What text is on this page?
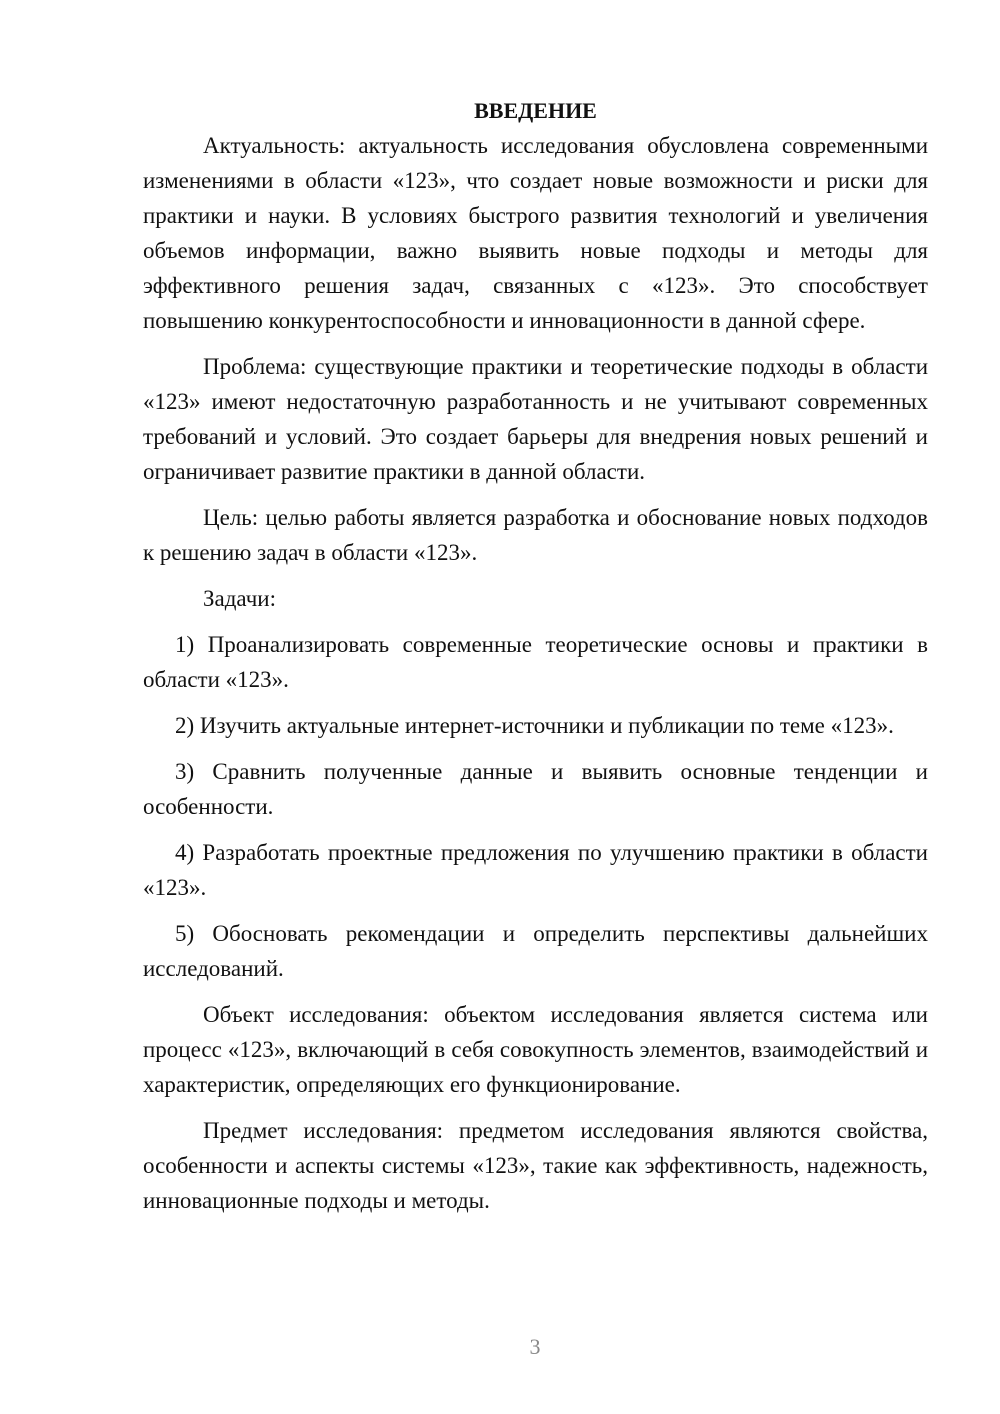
ВВЕДЕНИЕ

Актуальность: актуальность исследования обусловлена современными изменениями в области «123», что создает новые возможности и риски для практики и науки. В условиях быстрого развития технологий и увеличения объемов информации, важно выявить новые подходы и методы для эффективного решения задач, связанных с «123». Это способствует повышению конкурентоспособности и инновационности в данной сфере.

Проблема: существующие практики и теоретические подходы в области «123» имеют недостаточную разработанность и не учитывают современных требований и условий. Это создает барьеры для внедрения новых решений и ограничивает развитие практики в данной области.

Цель: целью работы является разработка и обоснование новых подходов к решению задач в области «123».

Задачи:

1) Проанализировать современные теоретические основы и практики в области «123».

2) Изучить актуальные интернет-источники и публикации по теме «123».

3) Сравнить полученные данные и выявить основные тенденции и особенности.

4) Разработать проектные предложения по улучшению практики в области «123».

5) Обосновать рекомендации и определить перспективы дальнейших исследований.

Объект исследования: объектом исследования является система или процесс «123», включающий в себя совокупность элементов, взаимодействий и характеристик, определяющих его функционирование.

Предмет исследования: предметом исследования являются свойства, особенности и аспекты системы «123», такие как эффективность, надежность, инновационные подходы и методы.

3
